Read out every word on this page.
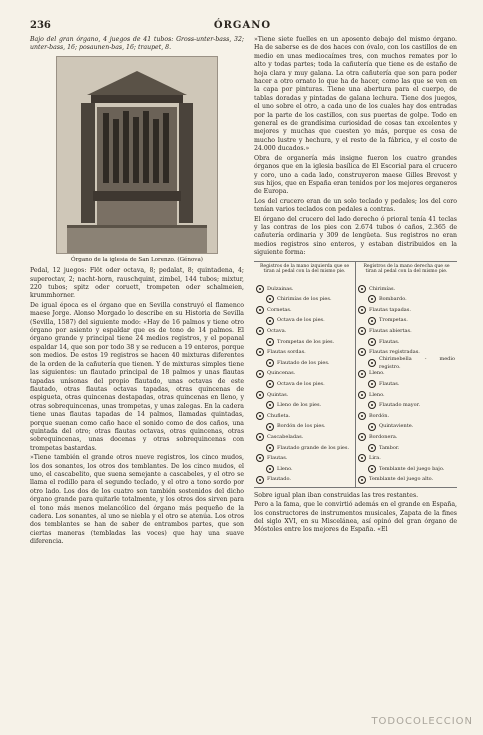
236	ÓRGANO

Bajo del gran órgano, 4 juegos de 41 tubos: Gross-unter-bass, 32; unter-bass, 16; posaunen-bas, 16; traupet, 8.

Órgano de la iglesia de San Lorenzo. (Génova)

Pedal, 12 juegos: Flöt oder octava, 8; pedalat, 8; quintadena, 4; superoctav, 2; nacht-horn, rauschquint, zimbel, 144 tubos; mixtur, 220 tubos; spitz oder coruett, trompeten oder schalmeien, krummhorner.

De igual época es el órgano que en Sevilla construyó el flamenco maese Jorge. Alonso Morgado lo describe en su Historia de Sevilla (Sevilla, 1587) del siguiente modo: «Hay de 16 palmos y tiene otro órgano por asiento y espaldar que es de tono de 14 palmos. El órgano grande y principal tiene 24 medios registros, y el popanal espaldar 14, que son por todo 38 y se reducen a 19 enteros, porque son medios. De estos 19 registros se hacen 40 mixturas diferentes de la orden de la cañutería que tienen. Y de mixturas simples tiene las siguientes: un flautado principal de 18 palmos y unas flautas tapadas unísonas del propio flautado, unas octavas de este flautado, otras flautas octavas tapadas, otras quincenas de espigueta, otras quincenas destapadas, otras quincenas en lleno, y otras sobrequincenas, unas trompetas, y unas zalegas. En la cadera tiene unas flautas tapadas de 14 palmos, llamadas quintadas, porque suenan como caño hace el sonido como de dos caños, una quintada del otro; otras flautas octavas, otras quincenas, otras sobrequincenas, unas docenas y otras sobrequincenas con trompetas bastardas.

»Tiene también el grande otros nueve registros, los cinco mudos, los dos sonantes, los otros dos temblantes. De los cinco mudos, el uno, el cascabelito, que suena semejante a cascabeles, y el otro se llama el rodillo para el segundo teclado, y el otro a tono sordo por otro lado. Los dos de los cuatro son también sostenidos del dicho órgano grande para quitarle totalmente, y los otros dos sirven para el tono más menos melancólico del órgano más pequeño de la cadera. Los sonantes, al uno se niebla y el otro se atenúa. Los otros dos temblantes se han de saber de entrambos partes, que son ciertas maneras (tembladas las voces) que hay una suave diferencia.

»Tiene siete fuelles en un aposento debajo del mismo órgano. Ha de saberse es de dos haces con óvalo, con los castillos de en medio en unas mediocaímes tres, con muchos remates por lo alto y todas partes; toda la cañutería que tiene es de estaño de hoja clara y muy galana. La otra cañutería que son para poder hacer a otro ornato lo que ha de hacer, como las que se ven en la capa por pinturas. Tiene una abertura para el cuerpo, de tablas doradas y pintadas de galana lechura. Tiene dos juegos, el uno sobre el otro, a cada uno de los cuales hay dos entradas por la parte de los castillos, con sus puertas de golpe. Todo en general es de grandísima curiosidad de cosas tan excelentes y mejores y muchas que cuesten yo más, porque es cosa de mucho lustre y hechura, y el resto de la fábrica, y el costo de 24.000 ducados.»

Obra de organería más insigne fueron los cuatro grandes órganos que en la iglesia basílica de El Escorial para el crucero y coro, uno a cada lado, construyeron maese Gilles Brevost y sus hijos, que en España eran tenidos por los mejores organeros de Europa.

Los del crucero eran de un solo teclado y pedales; los del coro tenían varios teclados con pedales a contras.

El órgano del crucero del lado derecho ó prioral tenía 41 teclas y las contras de los pies con 2.674 tubos ó caños, 2.365 de cañutería ordinaria y 309 de lengüeta. Sus registros no eran medios registros sino enteros, y estaban distribuidos en la siguiente forma:

Registros de la mano izquierda que se tiran al pedal con la del mismo pie.
Dulzainas.
Chirimías de los pies.
Cornetas.
Octava de los pies.
Octava.
Trompetas de los pies.
Flautas sordas.
Flautado de los pies.
Quincenas.
Octava de los pies.
Quintas.
Lleno de los pies.
Chufleta.
Bordón de los pies.
Cascabeladas.
Flautado grande de los pies.
Flautas.
Lleno.
Flautado.
Registros de la mano derecha que se tiran al pedal con la del mismo pie.
Chirimías.
Bombardo.
Flautas tapadas.
Trompetas.
Flautas abiertas.
Flautas.
Flautas registradas.
Chirimebella - medio registro.
Lleno.
Flautas.
Lleno.
Flautado mayor.
Bordón.
Quintaviente.
Bordonera.
Tambor.
Lira.
Temblante del juego bajo.
Temblante del juego alto.

Sobre igual plan iban construidas las tres restantes.

Pero a la fama, que le convirtió además en el grande en España, los constructores de instrumentos musicales, Zapata de la fines del siglo XVI, en su Miscelánea, así opinó del gran órgano de Móstoles entre los mejores de España. «El

TODOCOLECCION
